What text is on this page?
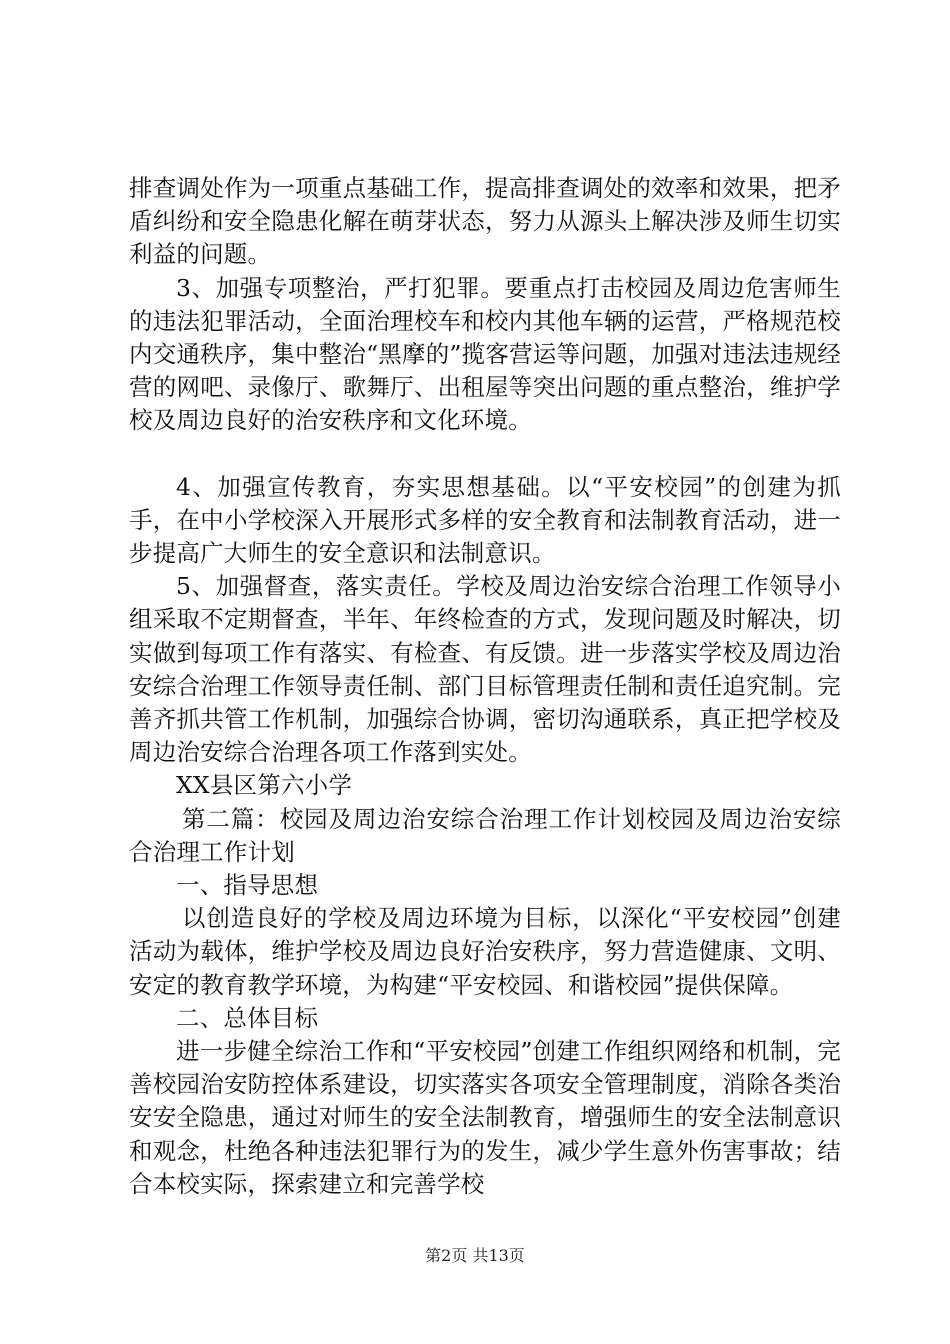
排查调处作为一项重点基础工作，提高排查调处的效率和效果，把矛盾纠纷和安全隐患化解在萌芽状态，努力从源头上解决涉及师生切实利益的问题。

3、加强专项整治，严打犯罪。要重点打击校园及周边危害师生的违法犯罪活动，全面治理校车和校内其他车辆的运营，严格规范校内交通秩序，集中整治“黑摩的”揽客营运等问题，加强对违法违规经营的网吧、录像厅、歌舞厅、出租屋等突出问题的重点整治，维护学校及周边良好的治安秩序和文化环境。

4、加强宣传教育，夯实思想基础。以“平安校园”的创建为抓手，在中小学校深入开展形式多样的安全教育和法制教育活动，进一步提高广大师生的安全意识和法制意识。

5、加强督查，落实责任。学校及周边治安综合治理工作领导小组采取不定期督查，半年、年终检查的方式，发现问题及时解决，切实做到每项工作有落实、有检查、有反馈。进一步落实学校及周边治安综合治理工作领导责任制、部门目标管理责任制和责任追究制。完善齐抓共管工作机制，加强综合协调，密切沟通联系，真正把学校及周边治安综合治理各项工作落到实处。

XX县区第六小学

第二篇：校园及周边治安综合治理工作计划校园及周边治安综合治理工作计划

一、指导思想

以创造良好的学校及周边环境为目标，以深化“平安校园”创建活动为载体，维护学校及周边良好治安秩序，努力营造健康、文明、安定的教育教学环境，为构建“平安校园、和谐校园”提供保障。

二、总体目标

进一步健全综治工作和“平安校园”创建工作组织网络和机制，完善校园治安防控体系建设，切实落实各项安全管理制度，消除各类治安安全隐患，通过对师生的安全法制教育，增强师生的安全法制意识和观念，杜绝各种违法犯罪行为的发生，减少学生意外伤害事故；结合本校实际，探索建立和完善学校

第2页 共13页
